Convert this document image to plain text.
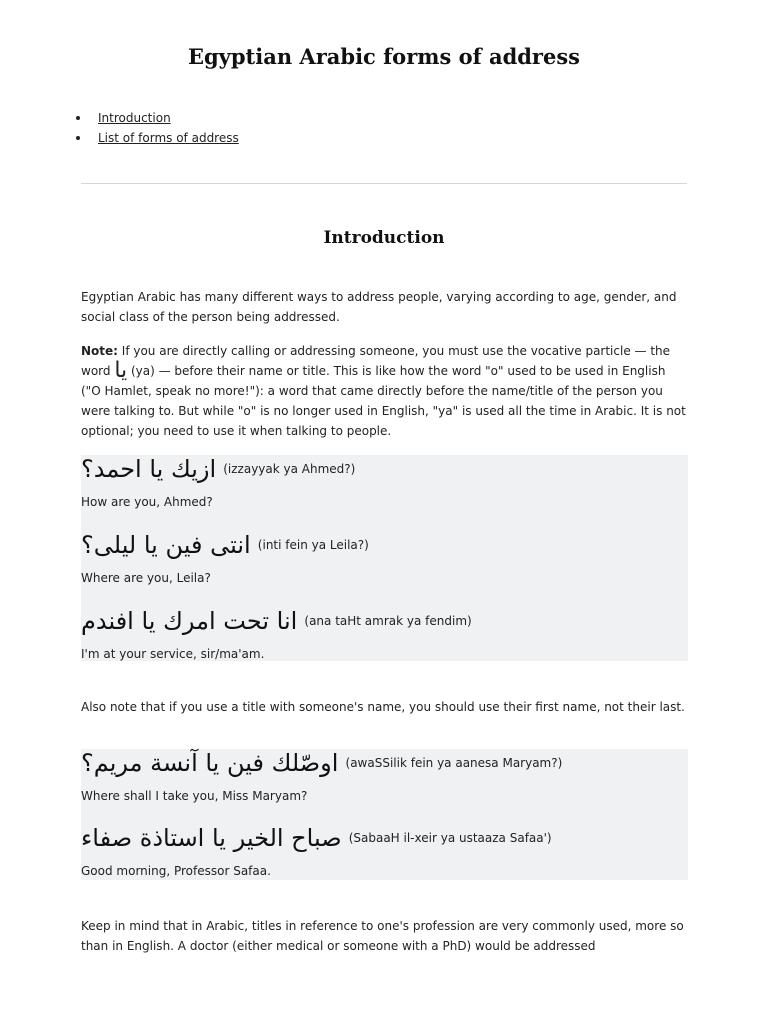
Egyptian Arabic forms of address
Introduction
List of forms of address
Introduction

Egyptian Arabic has many different ways to address people, varying according to age, gender, and social class of the person being addressed.

Note: If you are directly calling or addressing someone, you must use the vocative particle — the word يا (ya) — before their name or title. This is like how the word "o" used to be used in English ("O Hamlet, speak no more!"): a word that came directly before the name/title of the person you were talking to. But while "o" is no longer used in English, "ya" is used all the time in Arabic. It is not optional; you need to use it when talking to people.

ازيك يا احمد؟ (izzayyak ya Ahmed?)
How are you, Ahmed?
انتى فين يا ليلى؟ (inti fein ya Leila?)
Where are you, Leila?
انا تحت امرك يا افندم (ana taHt amrak ya fendim)
I'm at your service, sir/ma'am.

Also note that if you use a title with someone's name, you should use their first name, not their last.

اوصّلك فين يا آنسة مريم؟ (awaSSilik fein ya aanesa Maryam?)
Where shall I take you, Miss Maryam?
صباح الخير يا استاذة صفاء (SabaaH il-xeir ya ustaaza Safaa')
Good morning, Professor Safaa.

Keep in mind that in Arabic, titles in reference to one's profession are very commonly used, more so than in English. A doctor (either medical or someone with a PhD) would be addressed
